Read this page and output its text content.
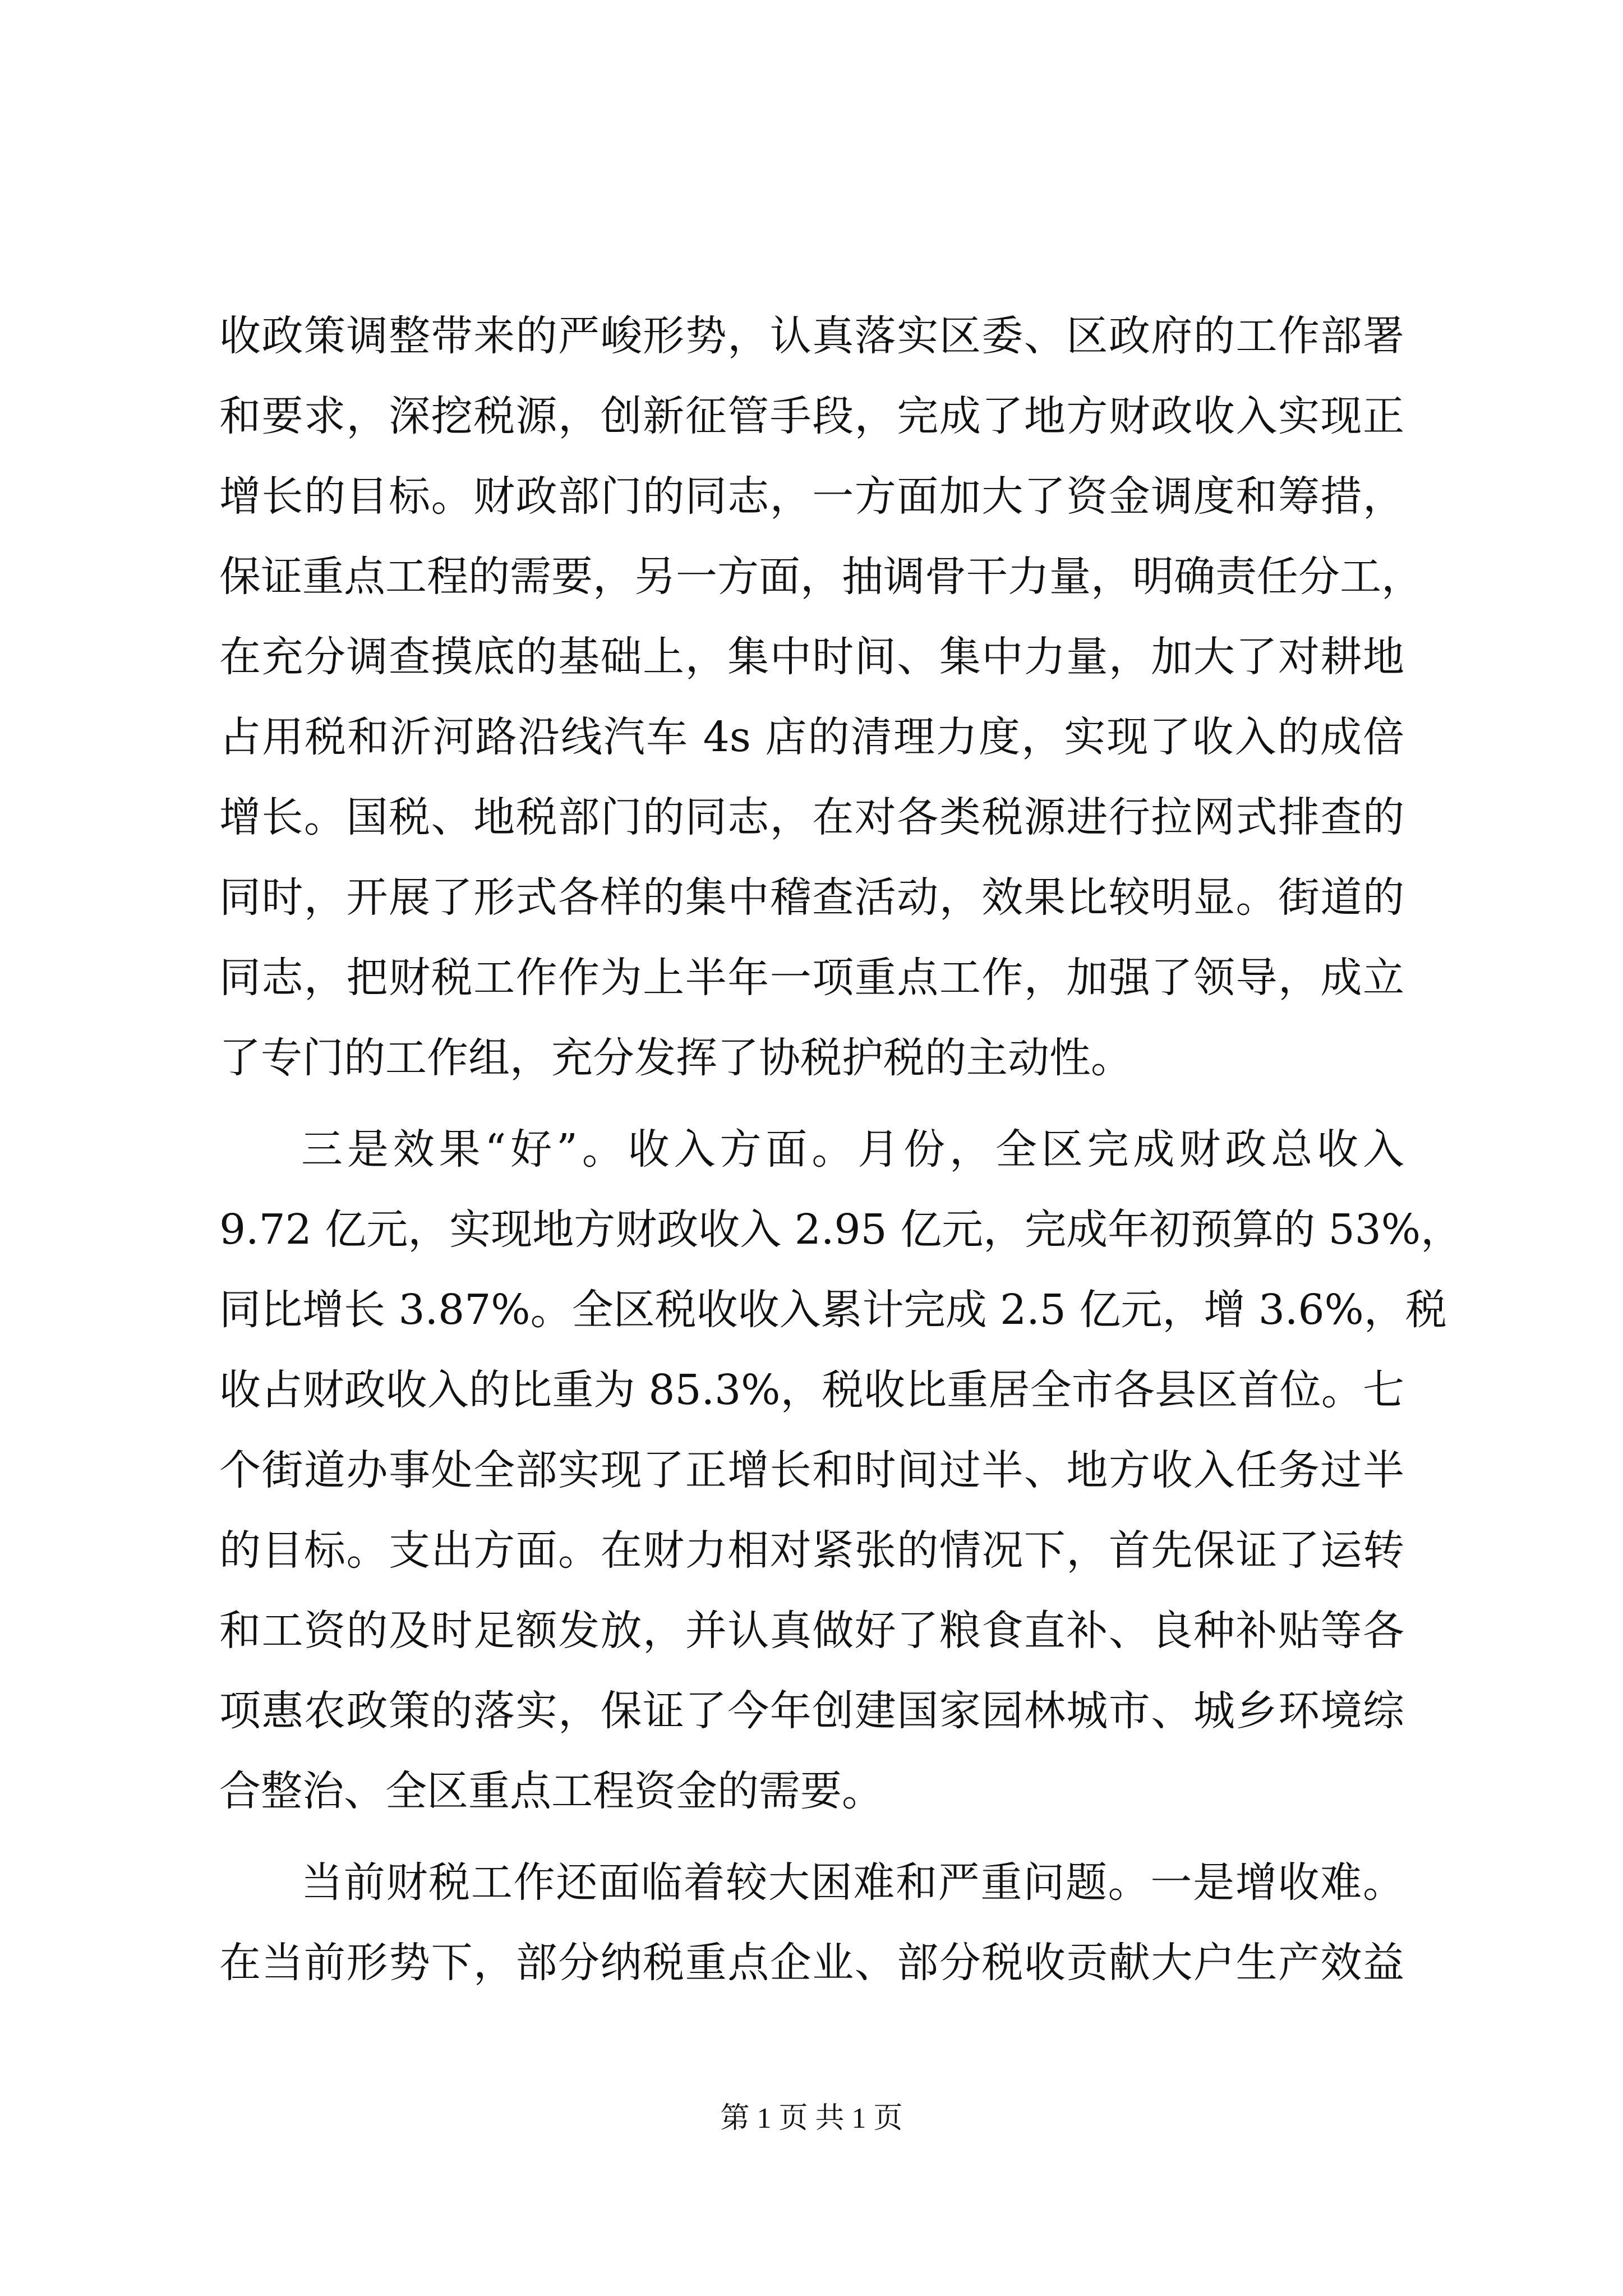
收政策调整带来的严峻形势，认真落实区委、区政府的工作部署
和要求，深挖税源，创新征管手段，完成了地方财政收入实现正
增长的目标。财政部门的同志，一方面加大了资金调度和筹措，
保证重点工程的需要，另一方面，抽调骨干力量，明确责任分工，
在充分调查摸底的基础上，集中时间、集中力量，加大了对耕地
占用税和沂河路沿线汽车 4s 店的清理力度，实现了收入的成倍
增长。国税、地税部门的同志，在对各类税源进行拉网式排查的
同时，开展了形式各样的集中稽查活动，效果比较明显。街道的
同志，把财税工作作为上半年一项重点工作，加强了领导，成立
了专门的工作组，充分发挥了协税护税的主动性。
三是效果“好”。收入方面。月份，全区完成财政总收入
9.72 亿元，实现地方财政收入 2.95 亿元，完成年初预算的 53%，
同比增长 3.87%。全区税收收入累计完成 2.5 亿元，增 3.6%，税
收占财政收入的比重为 85.3%，税收比重居全市各县区首位。七
个街道办事处全部实现了正增长和时间过半、地方收入任务过半
的目标。支出方面。在财力相对紧张的情况下，首先保证了运转
和工资的及时足额发放，并认真做好了粮食直补、良种补贴等各
项惠农政策的落实，保证了今年创建国家园林城市、城乡环境综
合整治、全区重点工程资金的需要。
当前财税工作还面临着较大困难和严重问题。一是增收难。
在当前形势下，部分纳税重点企业、部分税收贡献大户生产效益
第 1 页 共 1 页
